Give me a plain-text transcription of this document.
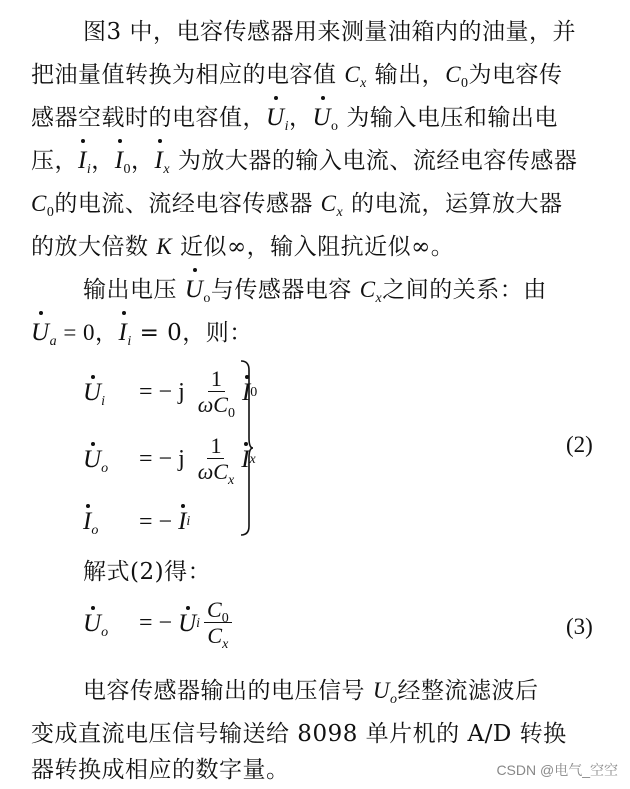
图3 中，电容传感器用来测量油箱内的油量，并
把油量值转换为相应的电容值 $C_x$ 输出，$C_0$为电容传
感器空载时的电容值，$U_i$，$U_o$ 为输入电压和输出电
压，$I_i$，$I_0$，$I_x$ 为放大器的输入电流、流经电容传感器
$C_0$的电流、流经电容传感器 $C_x$ 的电流，运算放大器
的放大倍数 K 近似∞，输入阻抗近似∞。
输出电压 $U_o$与传感器电容 $C_x$之间的关系：由
$U_a = 0$，$I_i = 0$，则：
$U_i$	= − j $\frac{1}{\omega C_0}$ I 0
$U_o$	= − j $\frac{1}{\omega C_x}$ I x
$I_o$	= − I i
(2)
解式(2)得：
$U_o$	= − U i $\frac{C_0}{C_x}$	(3)
电容传感器输出的电压信号 $U_o$经整流滤波后
变成直流电压信号输送给 8098 单片机的 A/D 转换
器转换成相应的数字量。	CSDN @电气_空空
